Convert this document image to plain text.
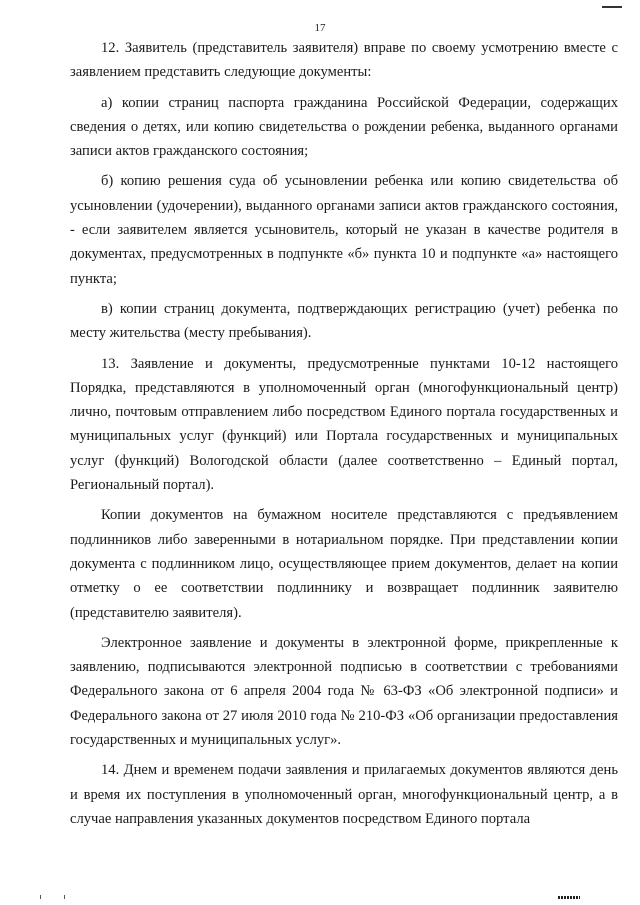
17

12. Заявитель (представитель заявителя) вправе по своему усмотрению вместе с заявлением представить следующие документы:

а) копии страниц паспорта гражданина Российской Федерации, содержащих сведения о детях, или копию свидетельства о рождении ребенка, выданного органами записи актов гражданского состояния;

б) копию решения суда об усыновлении ребенка или копию свидетельства об усыновлении (удочерении), выданного органами записи актов гражданского состояния, - если заявителем является усыновитель, который не указан в качестве родителя в документах, предусмотренных в подпункте «б» пункта 10 и подпункте «а» настоящего пункта;

в) копии страниц документа, подтверждающих регистрацию (учет) ребенка по месту жительства (месту пребывания).

13. Заявление и документы, предусмотренные пунктами 10-12 настоящего Порядка, представляются в уполномоченный орган (многофункциональный центр) лично, почтовым отправлением либо посредством Единого портала государственных и муниципальных услуг (функций) или Портала государственных и муниципальных услуг (функций) Вологодской области (далее соответственно – Единый портал, Региональный портал).

Копии документов на бумажном носителе представляются с предъявлением подлинников либо заверенными в нотариальном порядке. При представлении копии документа с подлинником лицо, осуществляющее прием документов, делает на копии отметку о ее соответствии подлиннику и возвращает подлинник заявителю (представителю заявителя).

Электронное заявление и документы в электронной форме, прикрепленные к заявлению, подписываются электронной подписью в соответствии с требованиями Федерального закона от 6 апреля 2004 года № 63-ФЗ «Об электронной подписи» и Федерального закона от 27 июля 2010 года № 210-ФЗ «Об организации предоставления государственных и муниципальных услуг».

14. Днем и временем подачи заявления и прилагаемых документов являются день и время их поступления в уполномоченный орган, многофункциональный центр, а в случае направления указанных документов посредством Единого портала
